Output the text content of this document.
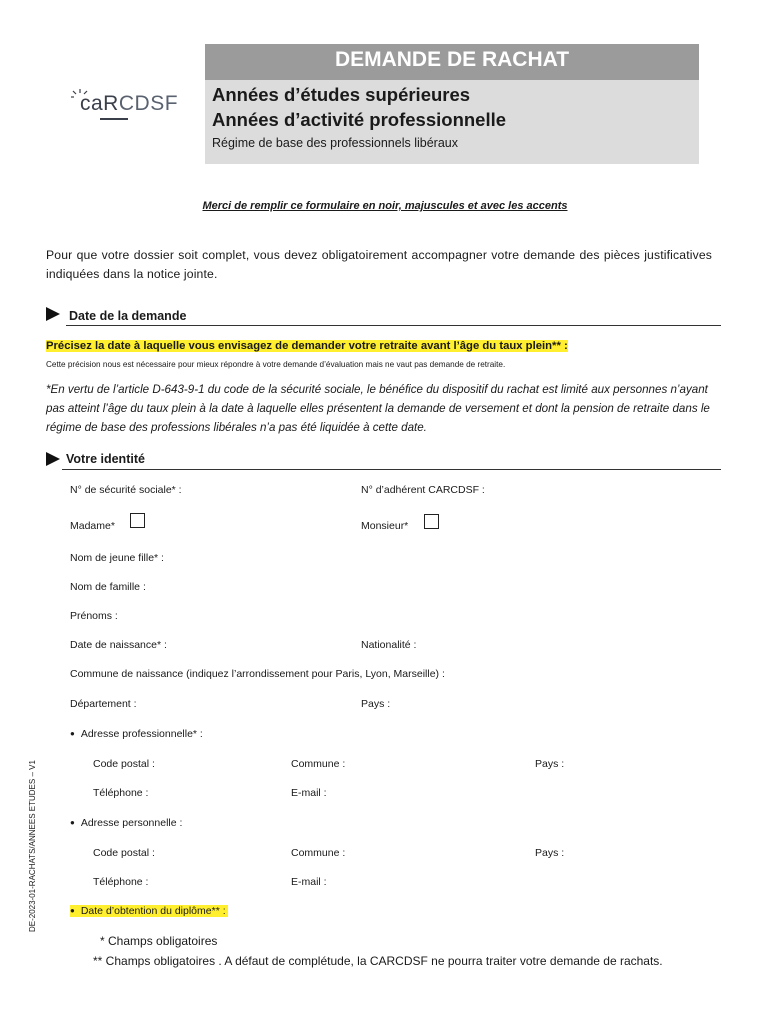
caRCDSF
DEMANDE DE RACHAT
Années d’études supérieures
Années d’activité professionnelle
Régime de base des professionnels libéraux
Merci de remplir ce formulaire en noir, majuscules et avec les accents
Pour que votre dossier soit complet, vous devez obligatoirement accompagner votre demande des pièces justificatives indiquées dans la notice jointe.
Date de la demande
Précisez la date à laquelle vous envisagez de demander votre retraite avant l’âge du taux plein** :
Cette précision nous est nécessaire pour mieux répondre à votre demande d’évaluation mais ne vaut pas demande de retraite.
*En vertu de l’article D-643-9-1 du code de la sécurité sociale, le bénéfice du dispositif du rachat est limité aux personnes n’ayant pas atteint l’âge du taux plein à la date à laquelle elles présentent la demande de versement et dont la pension de retraite dans le régime de base des professions libérales n’a pas été liquidée à cette date.
Votre identité
N° de sécurité sociale* :	N° d’adhérent CARCDSF :
Madame*	Monsieur*
Nom de jeune fille* :
Nom de famille :
Prénoms :
Date de naissance* :	Nationalité :
Commune de naissance (indiquez l’arrondissement pour Paris, Lyon, Marseille) :
Département :	Pays :
● Adresse professionnelle* :
Code postal :	Commune :	Pays :
Téléphone :	E-mail :
● Adresse personnelle :
Code postal :	Commune :	Pays :
Téléphone :	E-mail :
● Date d’obtention du diplôme** :
* Champs obligatoires
** Champs obligatoires . A défaut de complétude, la CARCDSF ne pourra traiter votre demande de rachats.
DE-2023-01-RACHATS/ANNEES ETUDES – V1
